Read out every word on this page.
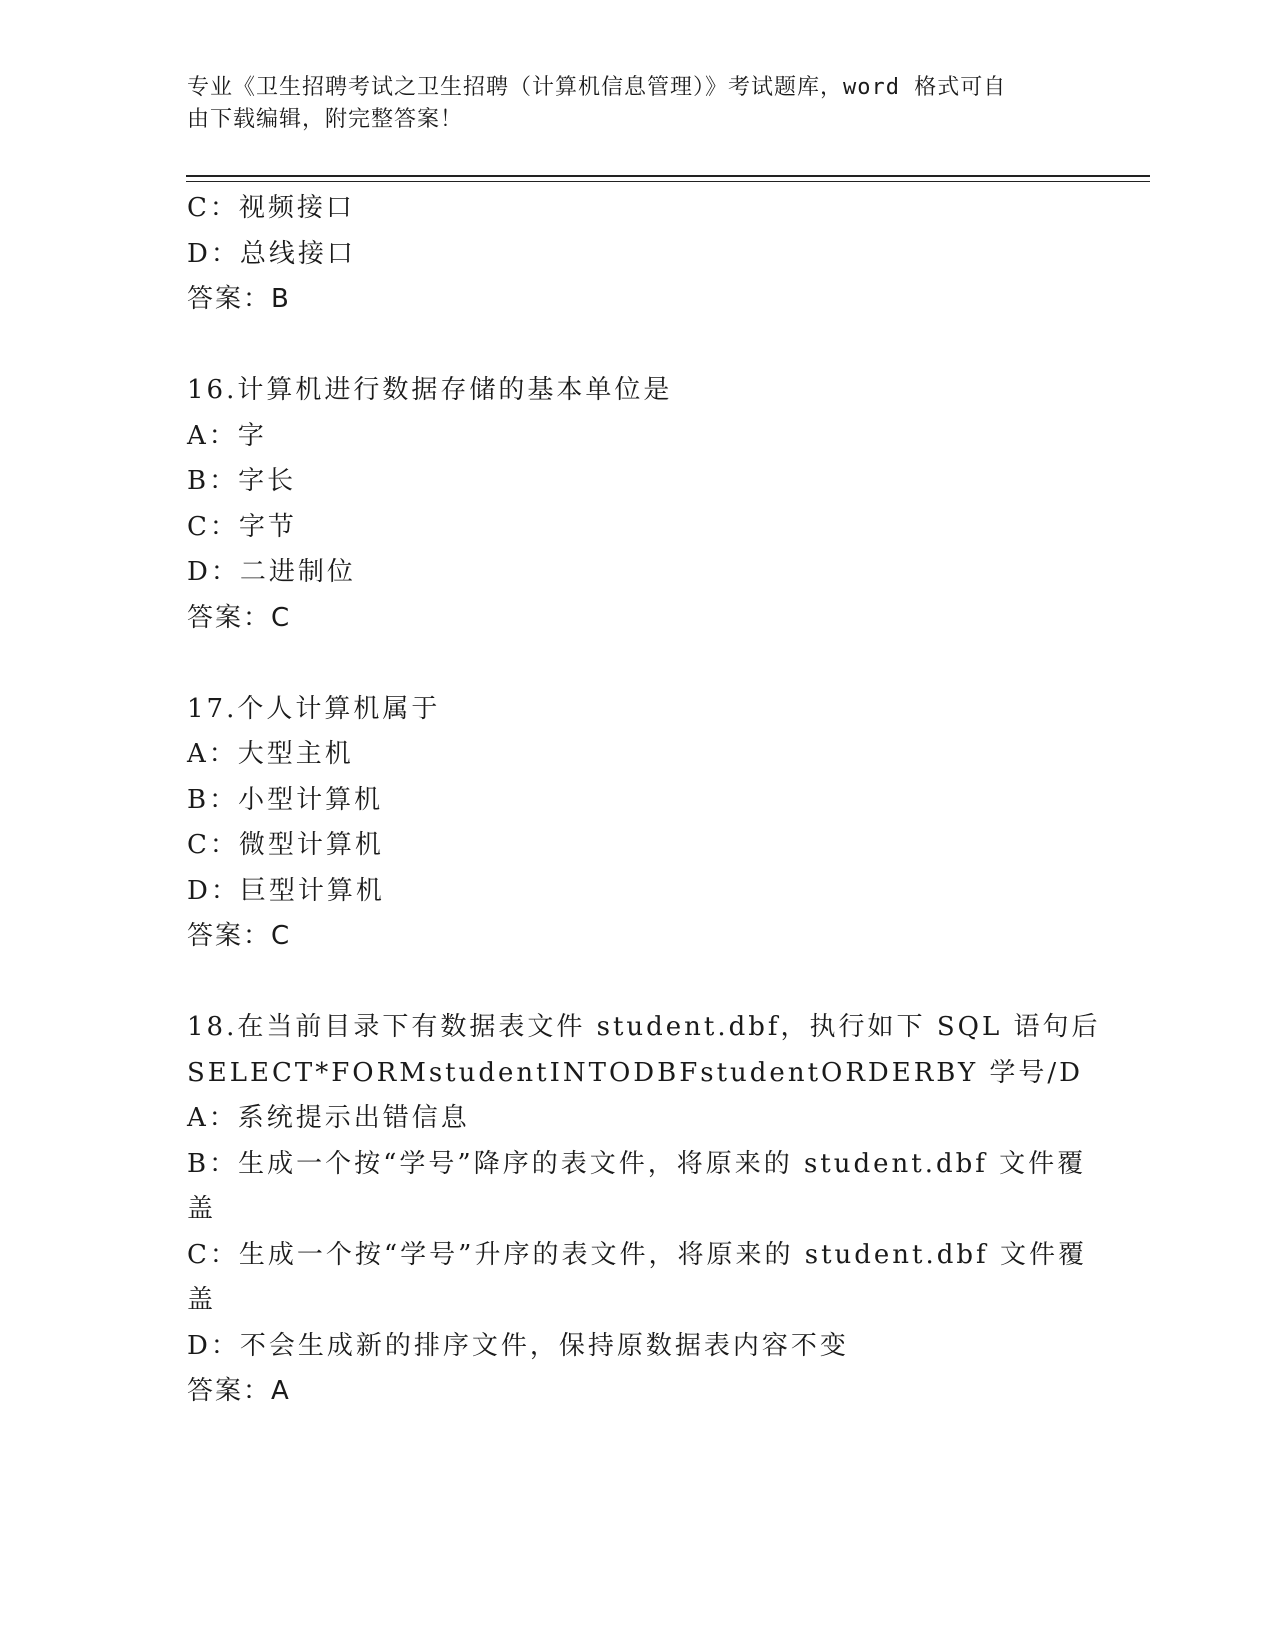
专业《卫生招聘考试之卫生招聘（计算机信息管理）》考试题库，word 格式可自
由下载编辑，附完整答案！
C：视频接口
D：总线接口
答案：B
16.计算机进行数据存储的基本单位是
A：字
B：字长
C：字节
D：二进制位
答案：C
17.个人计算机属于
A：大型主机
B：小型计算机
C：微型计算机
D：巨型计算机
答案：C
18.在当前目录下有数据表文件 student.dbf，执行如下 SQL 语句后
SELECT*FORMstudentINTODBFstudentORDERBY 学号/D
A：系统提示出错信息
B：生成一个按“学号”降序的表文件，将原来的 student.dbf 文件覆
盖
C：生成一个按“学号”升序的表文件，将原来的 student.dbf 文件覆
盖
D：不会生成新的排序文件，保持原数据表内容不变
答案：A
